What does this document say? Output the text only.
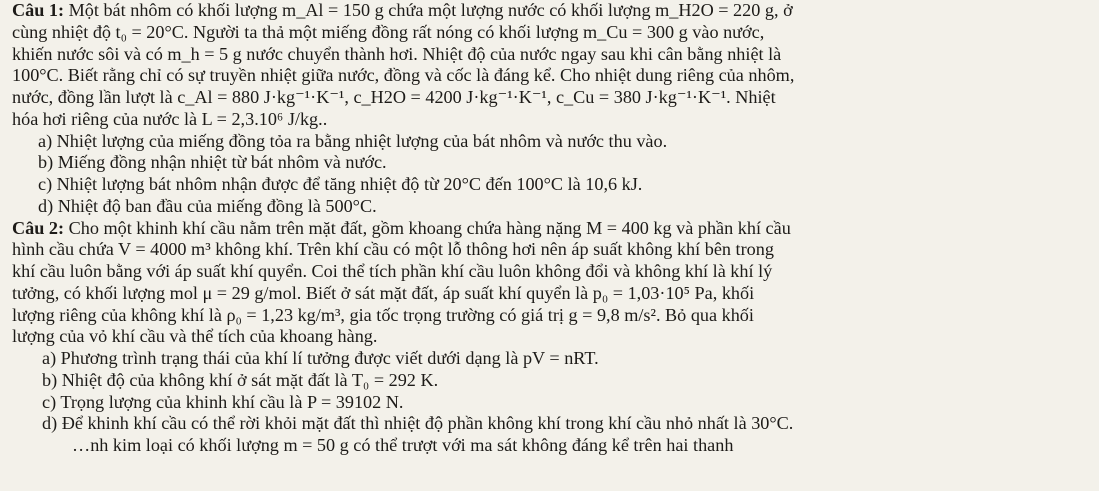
Câu 1: Một bát nhôm có khối lượng m_Al = 150 g chứa một lượng nước có khối lượng m_H2O = 220 g, ở
cùng nhiệt độ t₀ = 20°C. Người ta thả một miếng đồng rất nóng có khối lượng m_Cu = 300 g vào nước,
khiến nước sôi và có m_h = 5 g nước chuyển thành hơi. Nhiệt độ của nước ngay sau khi cân bằng nhiệt là
100°C. Biết rằng chỉ có sự truyền nhiệt giữa nước, đồng và cốc là đáng kể. Cho nhiệt dung riêng của nhôm,
nước, đồng lần lượt là c_Al = 880 J·kg⁻¹·K⁻¹, c_H2O = 4200 J·kg⁻¹·K⁻¹, c_Cu = 380 J·kg⁻¹·K⁻¹. Nhiệt
hóa hơi riêng của nước là L = 2,3.10⁶ J/kg..
a) Nhiệt lượng của miếng đồng tỏa ra bằng nhiệt lượng của bát nhôm và nước thu vào.
b) Miếng đồng nhận nhiệt từ bát nhôm và nước.
c) Nhiệt lượng bát nhôm nhận được để tăng nhiệt độ từ 20°C đến 100°C là 10,6 kJ.
d) Nhiệt độ ban đầu của miếng đồng là 500°C.
Câu 2: Cho một khinh khí cầu nằm trên mặt đất, gồm khoang chứa hàng nặng M = 400 kg và phần khí cầu
hình cầu chứa V = 4000 m³ không khí. Trên khí cầu có một lỗ thông hơi nên áp suất không khí bên trong
khí cầu luôn bằng với áp suất khí quyển. Coi thể tích phần khí cầu luôn không đổi và không khí là khí lý
tưởng, có khối lượng mol μ = 29 g/mol. Biết ở sát mặt đất, áp suất khí quyển là p₀ = 1,03·10⁵ Pa, khối
lượng riêng của không khí là ρ₀ = 1,23 kg/m³, gia tốc trọng trường có giá trị g = 9,8 m/s². Bỏ qua khối
lượng của vỏ khí cầu và thể tích của khoang hàng.
a) Phương trình trạng thái của khí lí tưởng được viết dưới dạng là pV = nRT.
b) Nhiệt độ của không khí ở sát mặt đất là T₀ = 292 K.
c) Trọng lượng của khinh khí cầu là P = 39102 N.
d) Để khinh khí cầu có thể rời khỏi mặt đất thì nhiệt độ phần không khí trong khí cầu nhỏ nhất là 30°C.
…nh kim loại có khối lượng m = 50 g có thể trượt với ma sát không đáng kể trên hai thanh
